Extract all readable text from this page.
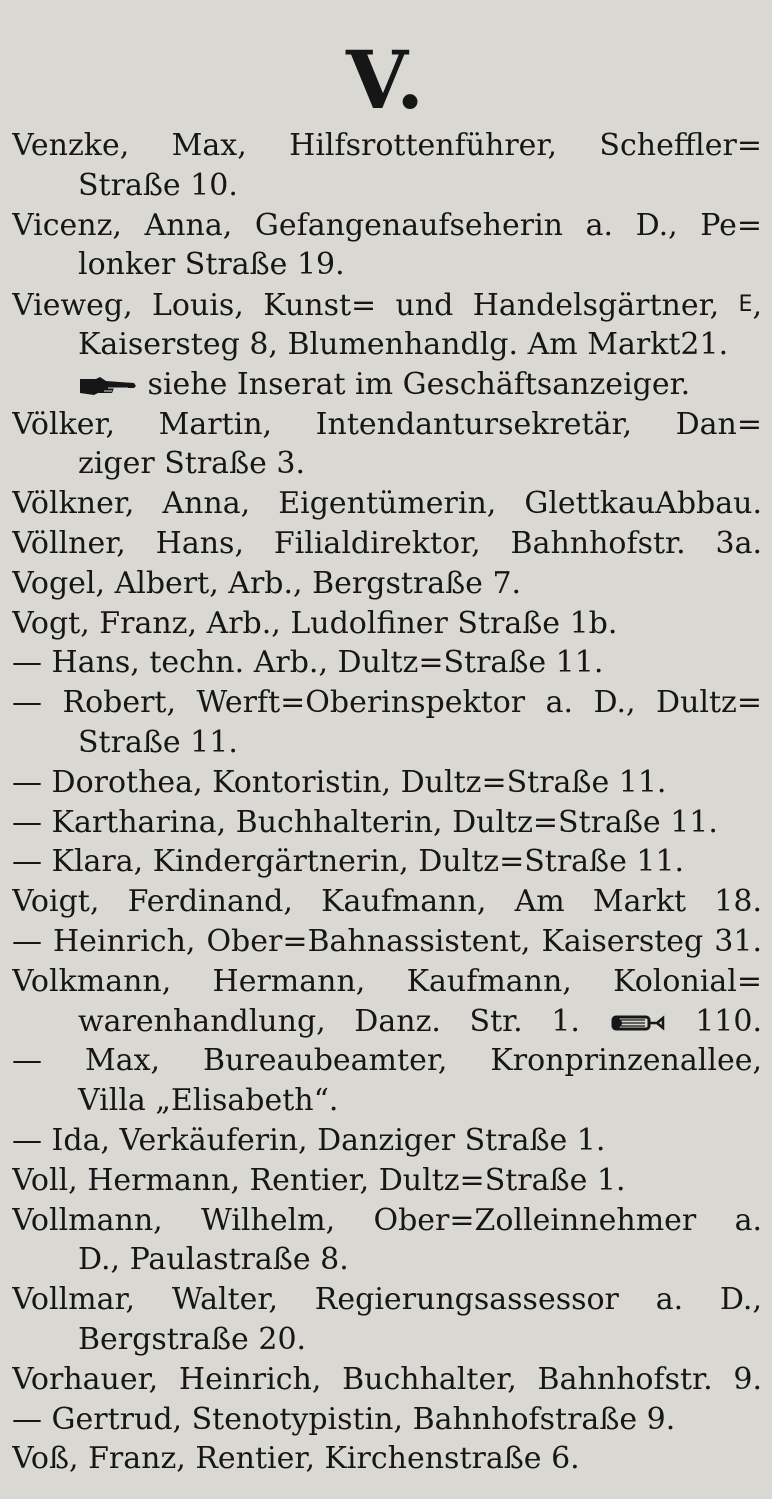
V.
Venzke, Max, Hilfsrottenführer, Scheffler=
Straße 10.
Vicenz, Anna, Gefangenaufseherin a. D., Pe=
lonker Straße 19.
Vieweg, Louis, Kunst= und Handelsgärtner, E,
Kaisersteg 8, Blumenhandlg. Am Markt21.
siehe Inserat im Geschäftsanzeiger.
Völker, Martin, Intendantursekretär, Dan=
ziger Straße 3.
Völkner, Anna, Eigentümerin, GlettkauAbbau.
Völlner, Hans, Filialdirektor, Bahnhofstr. 3a.
Vogel, Albert, Arb., Bergstraße 7.
Vogt, Franz, Arb., Ludolfiner Straße 1b.
— Hans, techn. Arb., Dultz=Straße 11.
— Robert, Werft=Oberinspektor a. D., Dultz=
Straße 11.
— Dorothea, Kontoristin, Dultz=Straße 11.
— Kartharina, Buchhalterin, Dultz=Straße 11.
— Klara, Kindergärtnerin, Dultz=Straße 11.
Voigt, Ferdinand, Kaufmann, Am Markt 18.
— Heinrich, Ober=Bahnassistent, Kaisersteg 31.
Volkmann, Hermann, Kaufmann, Kolonial=
warenhandlung, Danz. Str. 1.	110.
— Max, Bureaubeamter, Kronprinzenallee,
Villa „Elisabeth“.
— Ida, Verkäuferin, Danziger Straße 1.
Voll, Hermann, Rentier, Dultz=Straße 1.
Vollmann, Wilhelm, Ober=Zolleinnehmer a.
D., Paulastraße 8.
Vollmar, Walter, Regierungsassessor a. D.,
Bergstraße 20.
Vorhauer, Heinrich, Buchhalter, Bahnhofstr. 9.
— Gertrud, Stenotypistin, Bahnhofstraße 9.
Voß, Franz, Rentier, Kirchenstraße 6.
